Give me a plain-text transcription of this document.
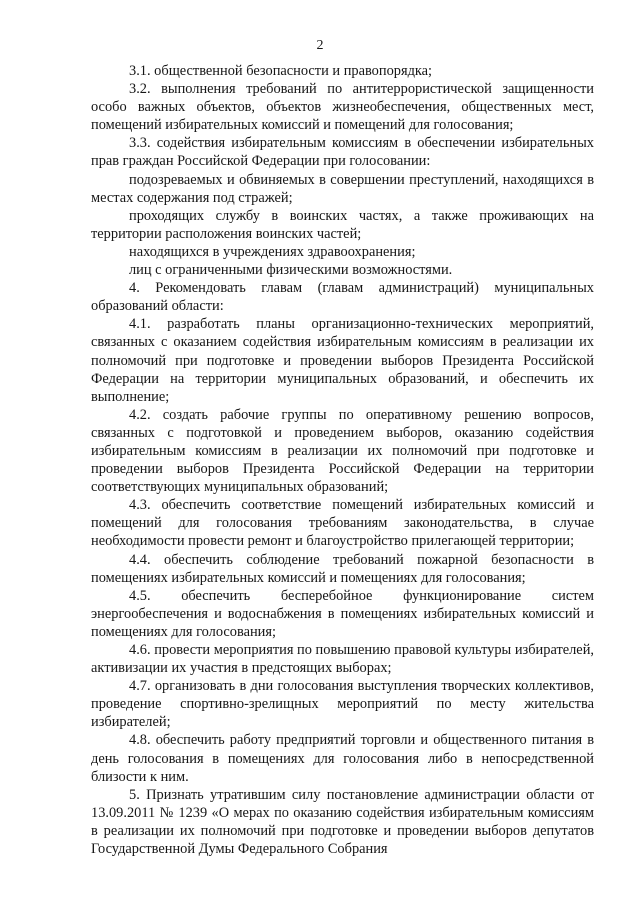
2

3.1. общественной безопасности и правопорядка;

3.2. выполнения требований по антитеррористической защищенности особо важных объектов, объектов жизнеобеспечения, общественных мест, помещений избирательных комиссий и помещений для голосования;

3.3. содействия избирательным комиссиям в обеспечении избирательных прав граждан Российской Федерации при голосовании:

подозреваемых и обвиняемых в совершении преступлений, находящихся в местах содержания под стражей;

проходящих службу в воинских частях, а также проживающих на территории расположения воинских частей;

находящихся в учреждениях здравоохранения;

лиц с ограниченными физическими возможностями.

4. Рекомендовать главам (главам администраций) муниципальных образований области:

4.1. разработать планы организационно-технических мероприятий, связанных с оказанием содействия избирательным комиссиям в реализации их полномочий при подготовке и проведении выборов Президента Российской Федерации на территории муниципальных образований, и обеспечить их выполнение;

4.2. создать рабочие группы по оперативному решению вопросов, связанных с подготовкой и проведением выборов, оказанию содействия избирательным комиссиям в реализации их полномочий при подготовке и проведении выборов Президента Российской Федерации на территории соответствующих муниципальных образований;

4.3. обеспечить соответствие помещений избирательных комиссий и помещений для голосования требованиям законодательства, в случае необходимости провести ремонт и благоустройство прилегающей территории;

4.4. обеспечить соблюдение требований пожарной безопасности в помещениях избирательных комиссий и помещениях для голосования;

4.5. обеспечить бесперебойное функционирование систем энергообеспечения и водоснабжения в помещениях избирательных комиссий и помещениях для голосования;

4.6. провести мероприятия по повышению правовой культуры избирателей, активизации их участия в предстоящих выборах;

4.7. организовать в дни голосования выступления творческих коллективов, проведение спортивно-зрелищных мероприятий по месту жительства избирателей;

4.8. обеспечить работу предприятий торговли и общественного питания в день голосования в помещениях для голосования либо в непосредственной близости к ним.

5. Признать утратившим силу постановление администрации области от 13.09.2011 № 1239 «О мерах по оказанию содействия избирательным комиссиям в реализации их полномочий при подготовке и проведении выборов депутатов Государственной Думы Федерального Собрания
